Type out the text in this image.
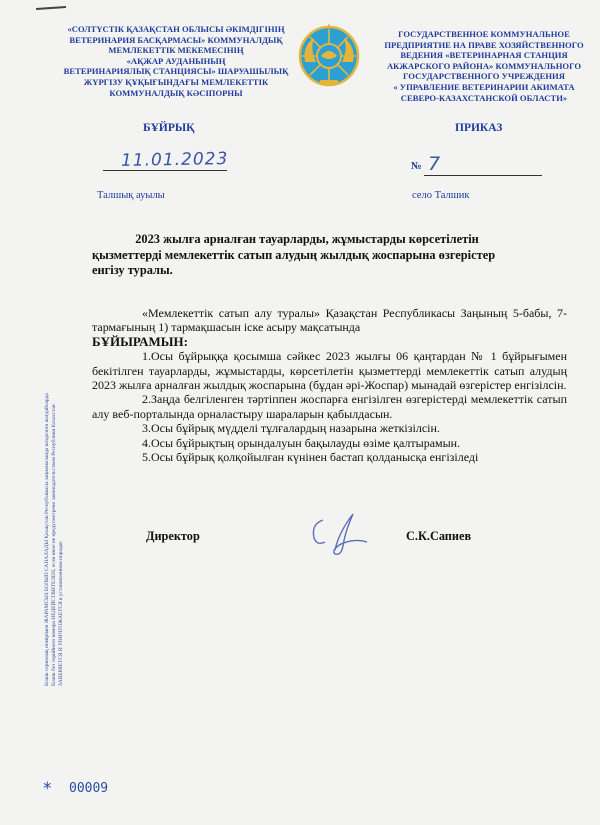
«СОЛТҮСТІК ҚАЗАҚСТАН ОБЛЫСЫ ӘКІМДІГІНІҢ
ВЕТЕРИНАРИЯ БАСҚАРМАСЫ» КОММУНАЛДЫҚ
МЕМЛЕКЕТТІК МЕКЕМЕСІНІҢ
«АҚЖАР АУДАНЫНЫҢ
ВЕТЕРИНАРИЯЛЫҚ СТАНЦИЯСЫ» ШАРУАШЫЛЫҚ
ЖҮРГІЗУ ҚҰҚЫҒЫНДАҒЫ МЕМЛЕКЕТТІК
КОММУНАЛДЫҚ КӘСІПОРНЫ
ГОСУДАРСТВЕННОЕ КОММУНАЛЬНОЕ
ПРЕДПРИЯТИЕ НА ПРАВЕ ХОЗЯЙСТВЕННОГО
ВЕДЕНИЯ «ВЕТЕРИНАРНАЯ СТАНЦИЯ
АКЖАРСКОГО РАЙОНА» КОММУНАЛЬНОГО
ГОСУДАРСТВЕННОГО УЧРЕЖДЕНИЯ
« УПРАВЛЕНИЕ ВЕТЕРИНАРИИ АКИМАТА
СЕВЕРО-КАЗАХСТАНСКОЙ ОБЛАСТИ»
БҰЙРЫҚ	ПРИКАЗ
11.01.2023	№ 7
Талшық ауылы	село Талшик
Бланк сериялық номірімен ЖАРАМСЫЗ БОЛЫП САНАЛАДЫ Қазақстан Республикасы заңнамасында көзделген жағдайларда Бланк без серийного номера НЕДЕЙСТВИТЕЛЕН, если иное не предусмотрено законодательством Республики Казахстан ЗАВЕРЯЕТСЯ И УНИЧТОЖАЕТСЯ в установленном порядке
2023 жылға арналған тауарларды, жұмыстарды көрсетілетін
қызметтерді мемлекеттік сатып алудың жылдық жоспарына өзгерістер
енгізу туралы.

«Мемлекеттік сатып алу туралы» Қазақстан Республикасы Заңының 5-бабы, 7-тармағының 1) тармақшасын іске асыру мақсатында

БҰЙЫРАМЫН:

1.Осы бұйрыққа қосымша сәйкес 2023 жылғы 06 қаңтардан № 1 бұйрығымен бекітілген тауарларды, жұмыстарды, көрсетілетін қызметтерді мемлекеттік сатып алудың 2023 жылға арналған жылдық жоспарына (бұдан әрі-Жоспар) мынадай өзгерістер енгізілсін.

2.Заңда белгіленген тәртіппен жоспарға енгізілген өзгерістерді мемлекеттік сатып алу веб-порталында орналастыру шараларын қабылдасын.

3.Осы бұйрық мүдделі тұлғалардың назарына жеткізілсін.

4.Осы бұйрықтың орындалуын бақылауды өзіме қалтырамын.

5.Осы бұйрық қолқойылған күнінен бастап қолданысқа енгізіледі

Директор	С.К.Сапиев
* 00009
